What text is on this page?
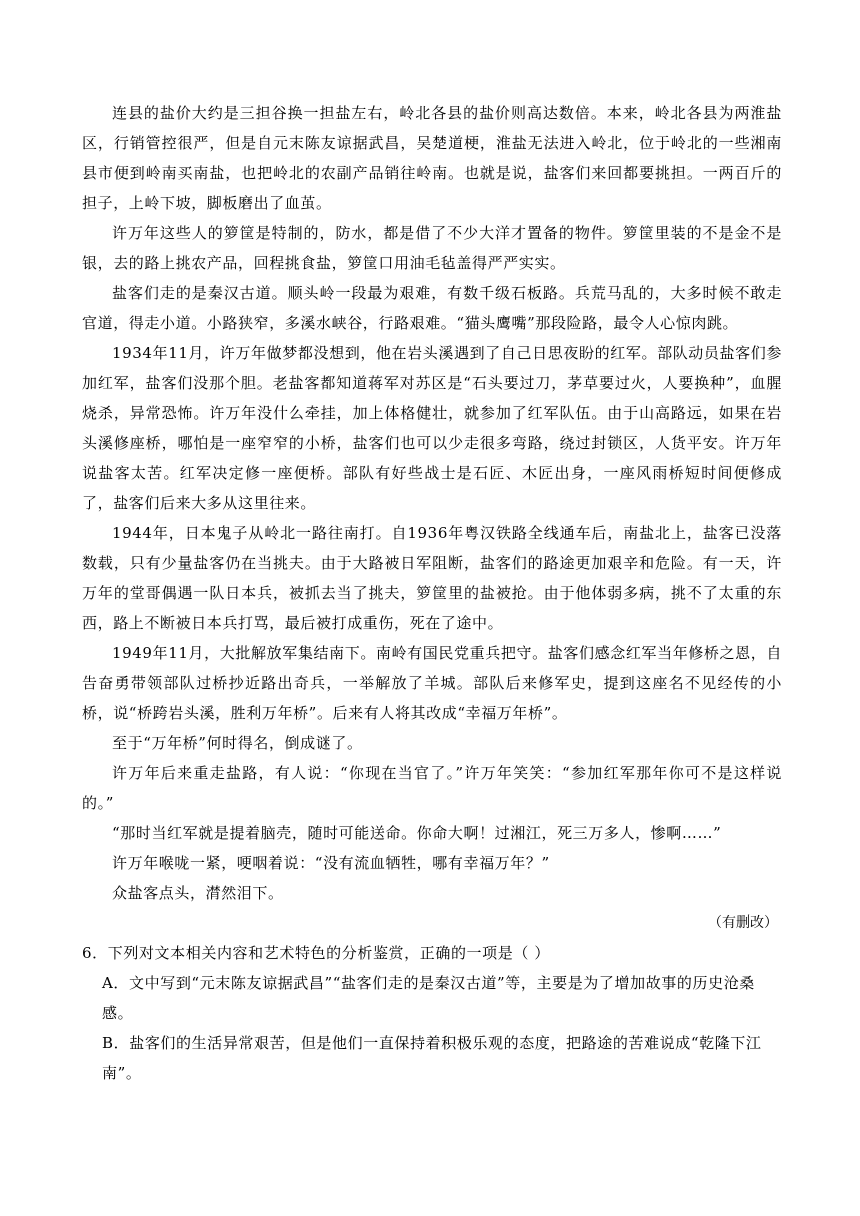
连县的盐价大约是三担谷换一担盐左右，岭北各县的盐价则高达数倍。本来，岭北各县为两淮盐区，行销管控很严，但是自元末陈友谅据武昌，吴楚道梗，淮盐无法进入岭北，位于岭北的一些湘南县市便到岭南买南盐，也把岭北的农副产品销往岭南。也就是说，盐客们来回都要挑担。一两百斤的担子，上岭下坡，脚板磨出了血茧。

许万年这些人的箩筐是特制的，防水，都是借了不少大洋才置备的物件。箩筐里装的不是金不是银，去的路上挑农产品，回程挑食盐，箩筐口用油毛毡盖得严严实实。

盐客们走的是秦汉古道。顺头岭一段最为艰难，有数千级石板路。兵荒马乱的，大多时候不敢走官道，得走小道。小路狭窄，多溪水峡谷，行路艰难。“猫头鹰嘴”那段险路，最令人心惊肉跳。

1934年11月，许万年做梦都没想到，他在岩头溪遇到了自己日思夜盼的红军。部队动员盐客们参加红军，盐客们没那个胆。老盐客都知道蒋军对苏区是“石头要过刀，茅草要过火，人要换种”，血腥烧杀，异常恐怖。许万年没什么牵挂，加上体格健壮，就参加了红军队伍。由于山高路远，如果在岩头溪修座桥，哪怕是一座窄窄的小桥，盐客们也可以少走很多弯路，绕过封锁区，人货平安。许万年说盐客太苦。红军决定修一座便桥。部队有好些战士是石匠、木匠出身，一座风雨桥短时间便修成了，盐客们后来大多从这里往来。

1944年，日本鬼子从岭北一路往南打。自1936年粤汉铁路全线通车后，南盐北上，盐客已没落数载，只有少量盐客仍在当挑夫。由于大路被日军阻断，盐客们的路途更加艰辛和危险。有一天，许万年的堂哥偶遇一队日本兵，被抓去当了挑夫，箩筐里的盐被抢。由于他体弱多病，挑不了太重的东西，路上不断被日本兵打骂，最后被打成重伤，死在了途中。

1949年11月，大批解放军集结南下。南岭有国民党重兵把守。盐客们感念红军当年修桥之恩，自告奋勇带领部队过桥抄近路出奇兵，一举解放了羊城。部队后来修军史，提到这座名不见经传的小桥，说“桥跨岩头溪，胜利万年桥”。后来有人将其改成“幸福万年桥”。

至于“万年桥”何时得名，倒成谜了。

许万年后来重走盐路，有人说：“你现在当官了。”许万年笑笑：“参加红军那年你可不是这样说的。”

“那时当红军就是提着脑壳，随时可能送命。你命大啊！过湘江，死三万多人，惨啊……”

许万年喉咙一紧，哽咽着说：“没有流血牺牲，哪有幸福万年？”

众盐客点头，潸然泪下。

（有删改）

6．下列对文本相关内容和艺术特色的分析鉴赏，正确的一项是（ ）

A．文中写到“元末陈友谅据武昌”“盐客们走的是秦汉古道”等，主要是为了增加故事的历史沧桑感。

B．盐客们的生活异常艰苦，但是他们一直保持着积极乐观的态度，把路途的苦难说成“乾隆下江南”。
